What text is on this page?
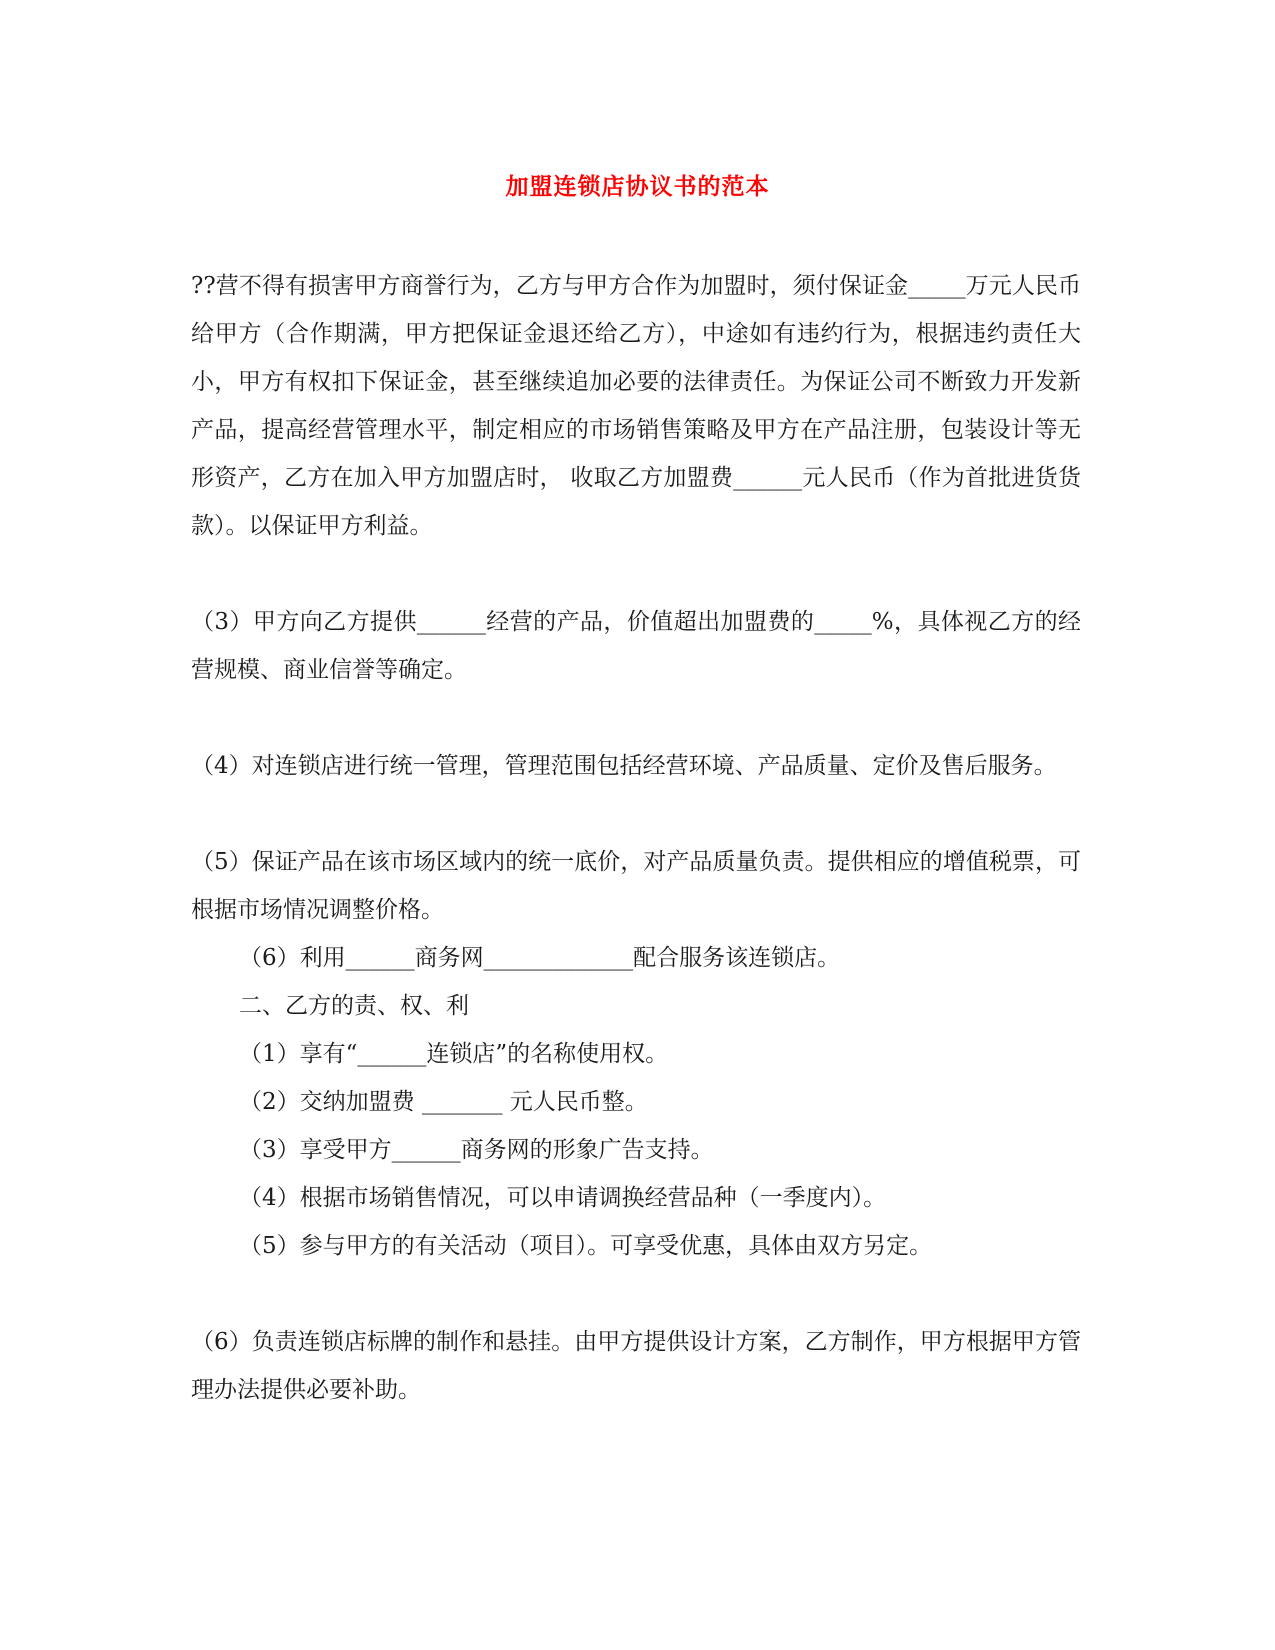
加盟连锁店协议书的范本

??营不得有损害甲方商誉行为，乙方与甲方合作为加盟时，须付保证金_____万元人民币给甲方（合作期满，甲方把保证金退还给乙方），中途如有违约行为，根据违约责任大小，甲方有权扣下保证金，甚至继续追加必要的法律责任。为保证公司不断致力开发新产品，提高经营管理水平，制定相应的市场销售策略及甲方在产品注册，包装设计等无形资产，乙方在加入甲方加盟店时， 收取乙方加盟费______元人民币（作为首批进货货款）。以保证甲方利益。

（3）甲方向乙方提供______经营的产品，价值超出加盟费的_____%，具体视乙方的经营规模、商业信誉等确定。

（4）对连锁店进行统一管理，管理范围包括经营环境、产品质量、定价及售后服务。

（5）保证产品在该市场区域内的统一底价，对产品质量负责。提供相应的增值税票，可根据市场情况调整价格。

（6）利用______商务网_____________配合服务该连锁店。

二、乙方的责、权、利

（1）享有“______连锁店”的名称使用权。

（2）交纳加盟费 _______ 元人民币整。

（3）享受甲方______商务网的形象广告支持。

（4）根据市场销售情况，可以申请调换经营品种（一季度内）。

（5）参与甲方的有关活动（项目）。可享受优惠，具体由双方另定。

（6）负责连锁店标牌的制作和悬挂。由甲方提供设计方案，乙方制作，甲方根据甲方管理办法提供必要补助。
